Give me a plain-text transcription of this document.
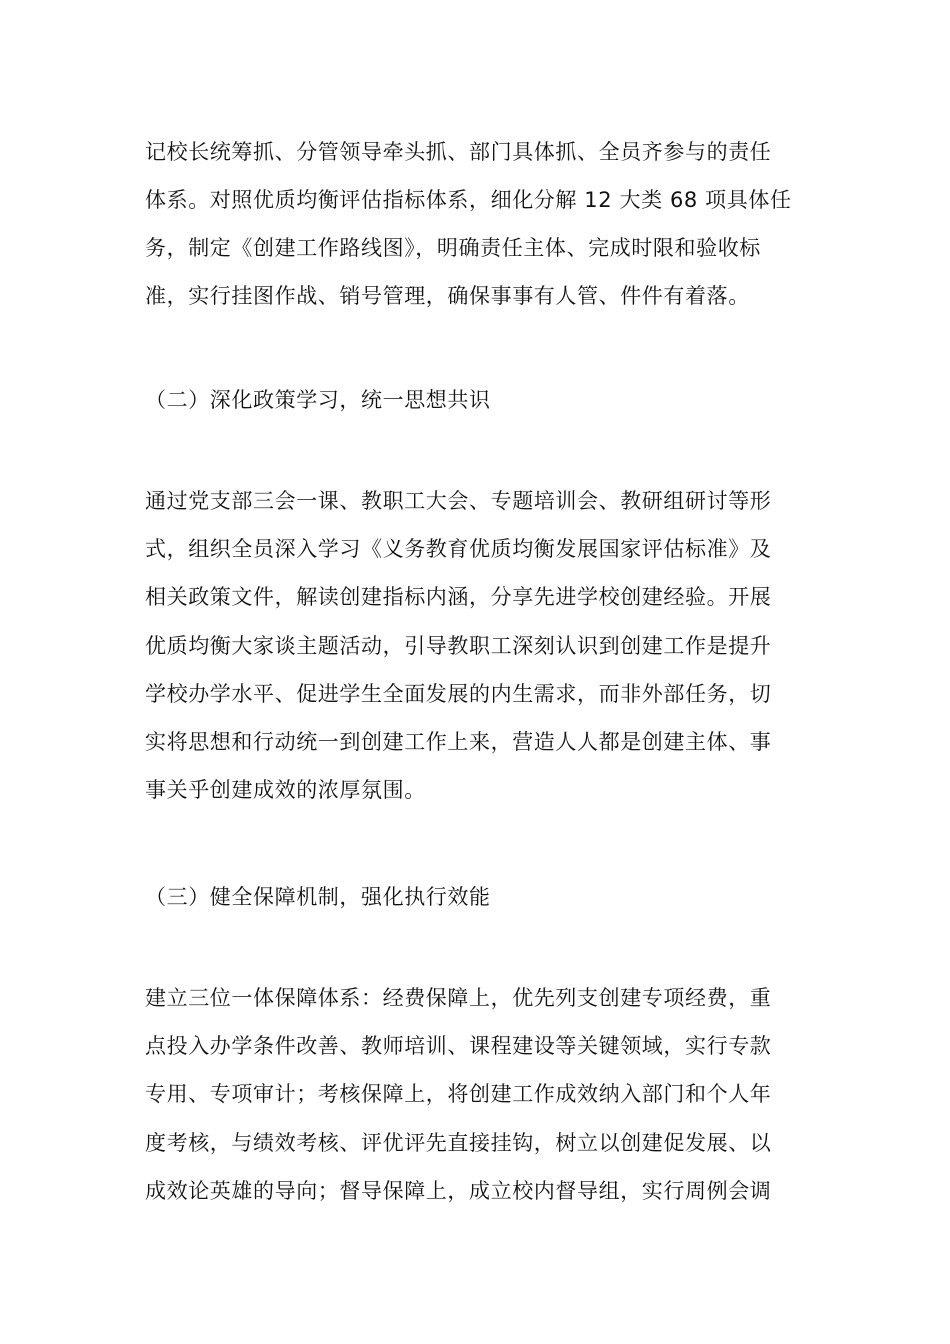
记校长统筹抓、分管领导牵头抓、部门具体抓、全员齐参与的责任
体系。对照优质均衡评估指标体系，细化分解 12 大类 68 项具体任
务，制定《创建工作路线图》，明确责任主体、完成时限和验收标
准，实行挂图作战、销号管理，确保事事有人管、件件有着落。
（二）深化政策学习，统一思想共识
通过党支部三会一课、教职工大会、专题培训会、教研组研讨等形
式，组织全员深入学习《义务教育优质均衡发展国家评估标准》及
相关政策文件，解读创建指标内涵，分享先进学校创建经验。开展
优质均衡大家谈主题活动，引导教职工深刻认识到创建工作是提升
学校办学水平、促进学生全面发展的内生需求，而非外部任务，切
实将思想和行动统一到创建工作上来，营造人人都是创建主体、事
事关乎创建成效的浓厚氛围。
（三）健全保障机制，强化执行效能
建立三位一体保障体系：经费保障上，优先列支创建专项经费，重
点投入办学条件改善、教师培训、课程建设等关键领域，实行专款
专用、专项审计；考核保障上，将创建工作成效纳入部门和个人年
度考核，与绩效考核、评优评先直接挂钩，树立以创建促发展、以
成效论英雄的导向；督导保障上，成立校内督导组，实行周例会调
